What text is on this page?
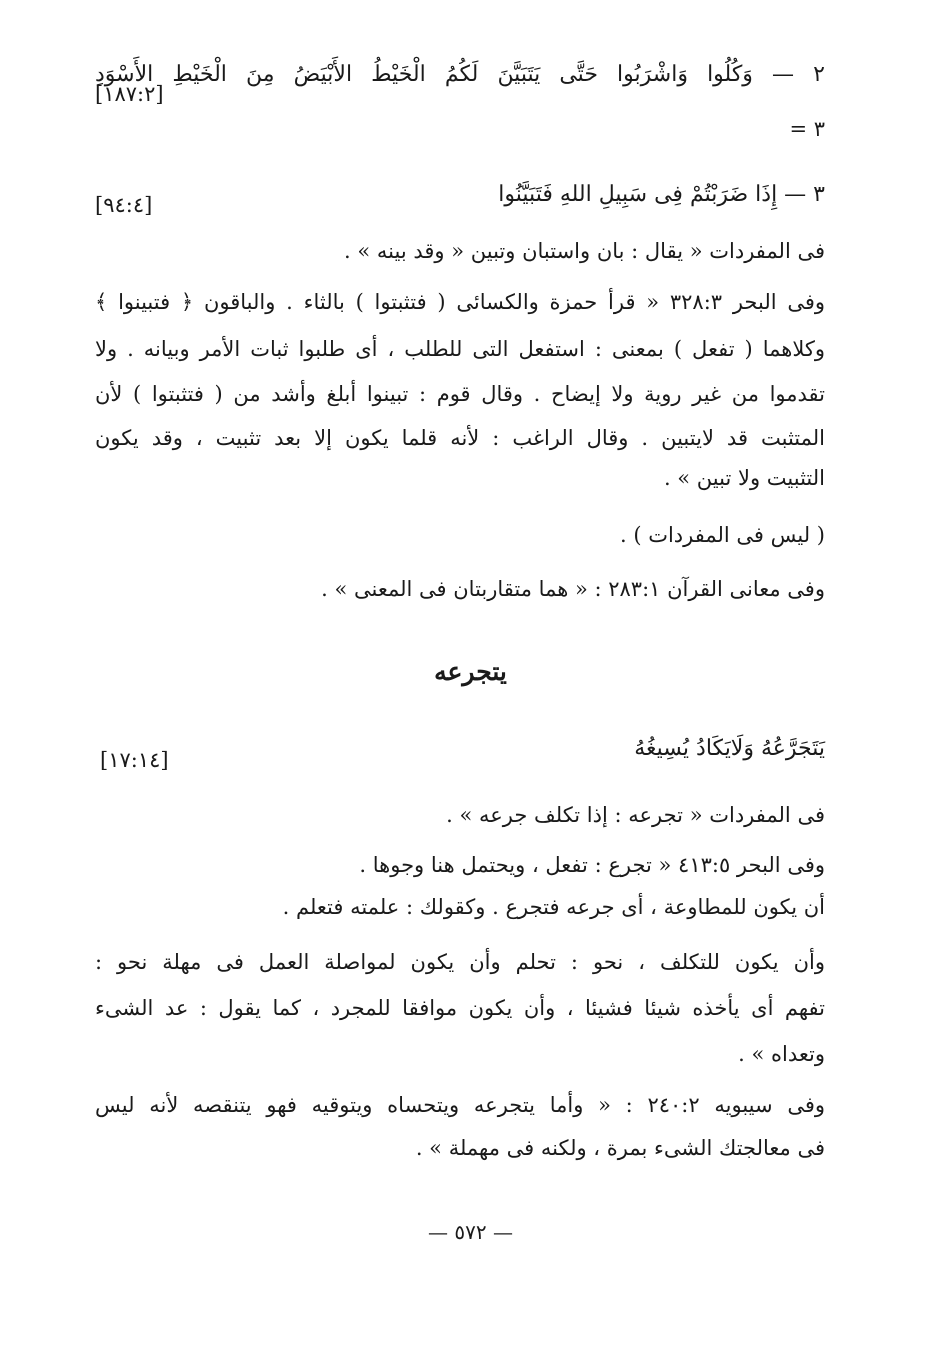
٢ — وَكُلُوا وَاشْرَبُوا حَتَّى يَتَبَيَّنَ لَكُمُ الْخَيْطُ الأَبْيَضُ مِنَ الْخَيْطِ الأَسْوَدِ
[١٨٧:٢]
٣ =
٣ — إِذَا ضَرَبْتُمْ فِى سَبِيلِ اللهِ فَتَبَيَّنُوا
[٩٤:٤]
فى المفردات « يقال : بان واستبان وتبين « وقد بينه » .
وفى البحر ٣٢٨:٣ « قرأ حمزة والكسائى ( فتثبتوا ) بالثاء . والباقون ﴿ فتبينوا ﴾
وكلاهما ( تفعل ) بمعنى : استفعل التى للطلب ، أى طلبوا ثبات الأمر وبيانه . ولا
تقدموا من غير روية ولا إيضاح . وقال قوم : تبينوا أبلغ وأشد من ( فتثبتوا ) لأن
المتثبت قد لايتبين . وقال الراغب : لأنه قلما يكون إلا بعد تثبيت ، وقد يكون
التثبيت ولا تبين » .
( ليس فى المفردات ) .
وفى معانى القرآن ٢٨٣:١ : « هما متقاربتان فى المعنى » .
يتجرعه
يَتَجَرَّعُهُ وَلَايَكَادُ يُسِيغُهُ
[١٧:١٤]
فى المفردات « تجرعه : إذا تكلف جرعه » .
وفى البحر ٤١٣:٥ « تجرع : تفعل ، ويحتمل هنا وجوها .
أن يكون للمطاوعة ، أى جرعه فتجرع . وكقولك : علمته فتعلم .
وأن يكون للتكلف ، نحو : تحلم وأن يكون لمواصلة العمل فى مهلة نحو :
تفهم أى يأخذه شيئا فشيئا ، وأن يكون موافقا للمجرد ، كما يقول : عد الشىء
وتعداه » .
وفى سيبويه ٢٤٠:٢ : « وأما يتجرعه ويتحساه ويتوقيه فهو يتنقصه لأنه ليس
فى معالجتك الشىء بمرة ، ولكنه فى مهملة » .
— ٥٧٢ —
